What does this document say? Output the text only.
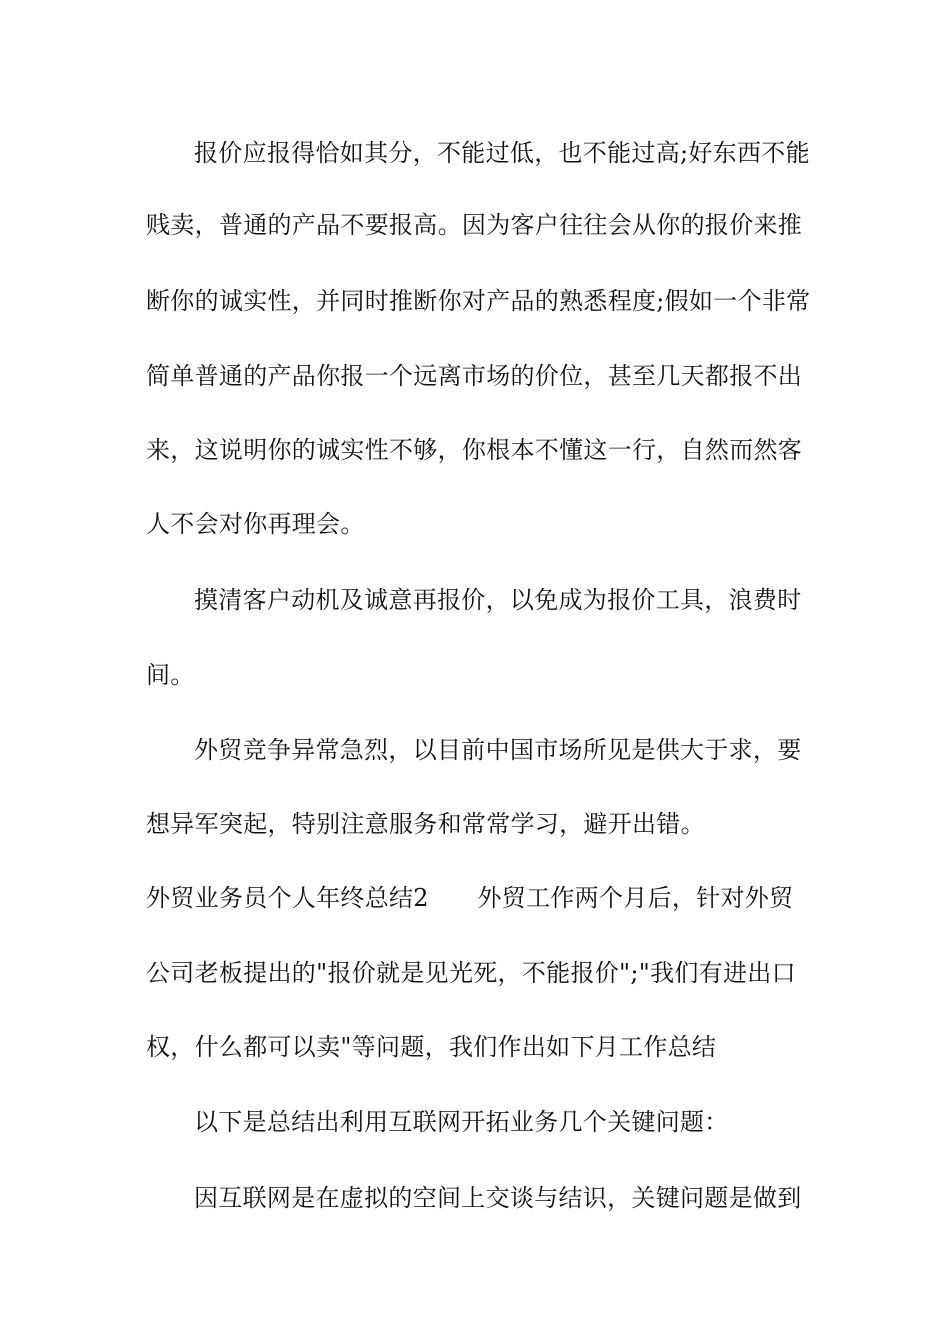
报价应报得恰如其分，不能过低，也不能过高;好东西不能
贱卖，普通的产品不要报高。因为客户往往会从你的报价来推
断你的诚实性，并同时推断你对产品的熟悉程度;假如一个非常
简单普通的产品你报一个远离市场的价位，甚至几天都报不出
来，这说明你的诚实性不够，你根本不懂这一行，自然而然客
人不会对你再理会。
摸清客户动机及诚意再报价，以免成为报价工具，浪费时
间。
外贸竞争异常急烈，以目前中国市场所见是供大于求，要
想异军突起，特别注意服务和常常学习，避开出错。
外贸业务员个人年终总结2　　外贸工作两个月后，针对外贸
公司老板提出的"报价就是见光死，不能报价";"我们有进出口
权，什么都可以卖"等问题，我们作出如下月工作总结
以下是总结出利用互联网开拓业务几个关键问题：
因互联网是在虚拟的空间上交谈与结识，关键问题是做到
